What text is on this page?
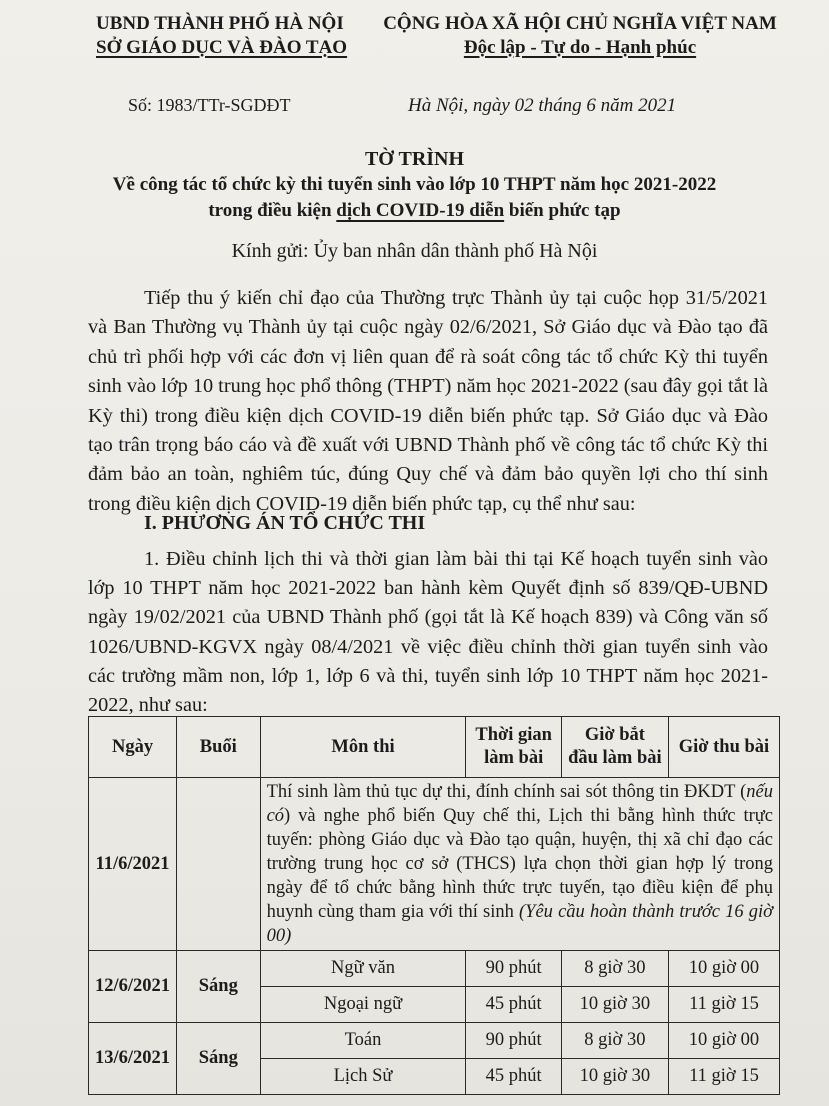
UBND THÀNH PHỐ HÀ NỘI
SỞ GIÁO DỤC VÀ ĐÀO TẠO
CỘNG HÒA XÃ HỘI CHỦ NGHĨA VIỆT NAM
Độc lập - Tự do - Hạnh phúc
Số: 1983/TTr-SGDĐT	Hà Nội, ngày 02 tháng 6 năm 2021
TỜ TRÌNH
Về công tác tổ chức kỳ thi tuyển sinh vào lớp 10 THPT năm học 2021-2022
trong điều kiện dịch COVID-19 diễn biến phức tạp
Kính gửi: Ủy ban nhân dân thành phố Hà Nội

Tiếp thu ý kiến chỉ đạo của Thường trực Thành ủy tại cuộc họp 31/5/2021 và Ban Thường vụ Thành ủy tại cuộc ngày 02/6/2021, Sở Giáo dục và Đào tạo đã chủ trì phối hợp với các đơn vị liên quan để rà soát công tác tổ chức Kỳ thi tuyển sinh vào lớp 10 trung học phổ thông (THPT) năm học 2021-2022 (sau đây gọi tắt là Kỳ thi) trong điều kiện dịch COVID-19 diễn biến phức tạp. Sở Giáo dục và Đào tạo trân trọng báo cáo và đề xuất với UBND Thành phố về công tác tổ chức Kỳ thi đảm bảo an toàn, nghiêm túc, đúng Quy chế và đảm bảo quyền lợi cho thí sinh trong điều kiện dịch COVID-19 diễn biến phức tạp, cụ thể như sau:

I. PHƯƠNG ÁN TỔ CHỨC THI

1. Điều chỉnh lịch thi và thời gian làm bài thi tại Kế hoạch tuyển sinh vào lớp 10 THPT năm học 2021-2022 ban hành kèm Quyết định số 839/QĐ-UBND ngày 19/02/2021 của UBND Thành phố (gọi tắt là Kế hoạch 839) và Công văn số 1026/UBND-KGVX ngày 08/4/2021 về việc điều chỉnh thời gian tuyển sinh vào các trường mầm non, lớp 1, lớp 6 và thi, tuyển sinh lớp 10 THPT năm học 2021-2022, như sau:

Ngày	Buổi	Môn thi	Thời gian làm bài	Giờ bắt đầu làm bài	Giờ thu bài
11/6/2021		Thí sinh làm thủ tục dự thi, đính chính sai sót thông tin ĐKDT (nếu có) và nghe phổ biến Quy chế thi, Lịch thi bằng hình thức trực tuyến: phòng Giáo dục và Đào tạo quận, huyện, thị xã chỉ đạo các trường trung học cơ sở (THCS) lựa chọn thời gian hợp lý trong ngày để tổ chức bằng hình thức trực tuyến, tạo điều kiện để phụ huynh cùng tham gia với thí sinh (Yêu cầu hoàn thành trước 16 giờ 00)			
12/6/2021	Sáng	Ngữ văn	90 phút	8 giờ 30	10 giờ 00
		Ngoại ngữ	45 phút	10 giờ 30	11 giờ 15
13/6/2021	Sáng	Toán	90 phút	8 giờ 30	10 giờ 00
		Lịch Sử	45 phút	10 giờ 30	11 giờ 15
